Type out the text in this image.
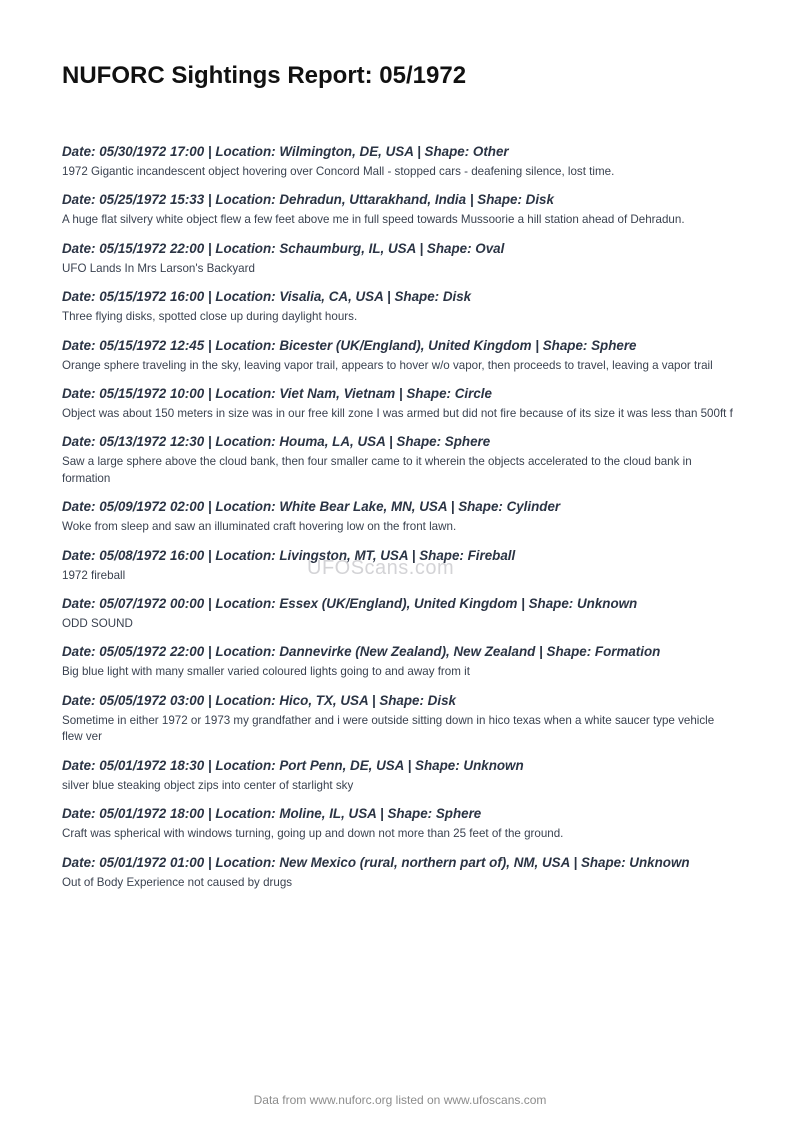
NUFORC Sightings Report: 05/1972

Date: 05/30/1972 17:00 | Location: Wilmington, DE, USA | Shape: Other

1972 Gigantic incandescent object hovering over Concord Mall - stopped cars - deafening silence, lost time.

Date: 05/25/1972 15:33 | Location: Dehradun, Uttarakhand, India | Shape: Disk

A huge flat silvery white object flew a few feet above me in full speed towards Mussoorie a hill station ahead of Dehradun.

Date: 05/15/1972 22:00 | Location: Schaumburg, IL, USA | Shape: Oval

UFO Lands In Mrs Larson's Backyard

Date: 05/15/1972 16:00 | Location: Visalia, CA, USA | Shape: Disk

Three flying disks, spotted close up during daylight hours.

Date: 05/15/1972 12:45 | Location: Bicester (UK/England), United Kingdom | Shape: Sphere

Orange sphere traveling in the sky, leaving vapor trail, appears to hover w/o vapor, then proceeds to travel, leaving a vapor trail

Date: 05/15/1972 10:00 | Location: Viet Nam, Vietnam | Shape: Circle

Object was about 150 meters in size was in our free kill zone I was armed but did not fire because of its size it was less than 500ft f

Date: 05/13/1972 12:30 | Location: Houma, LA, USA | Shape: Sphere

Saw a large sphere above the cloud bank, then four smaller came to it wherein the objects accelerated to the cloud bank in formation

Date: 05/09/1972 02:00 | Location: White Bear Lake, MN, USA | Shape: Cylinder

Woke from sleep and saw an illuminated craft hovering low on the front lawn.

Date: 05/08/1972 16:00 | Location: Livingston, MT, USA | Shape: Fireball

1972 fireball

Date: 05/07/1972 00:00 | Location: Essex (UK/England), United Kingdom | Shape: Unknown

ODD SOUND

Date: 05/05/1972 22:00 | Location: Dannevirke (New Zealand), New Zealand | Shape: Formation

Big blue light with many smaller varied coloured lights going to and away from it

Date: 05/05/1972 03:00 | Location: Hico, TX, USA | Shape: Disk

Sometime in either 1972 or 1973 my grandfather and i were outside sitting down in hico texas when a white saucer type vehicle flew ver

Date: 05/01/1972 18:30 | Location: Port Penn, DE, USA | Shape: Unknown

silver blue steaking object zips into center of starlight sky

Date: 05/01/1972 18:00 | Location: Moline, IL, USA | Shape: Sphere

Craft was spherical with windows turning, going up and down not more than 25 feet of the ground.

Date: 05/01/1972 01:00 | Location: New Mexico (rural, northern part of), NM, USA | Shape: Unknown

Out of Body Experience not caused by drugs

UFOScans.com
Data from www.nuforc.org listed on www.ufoscans.com
